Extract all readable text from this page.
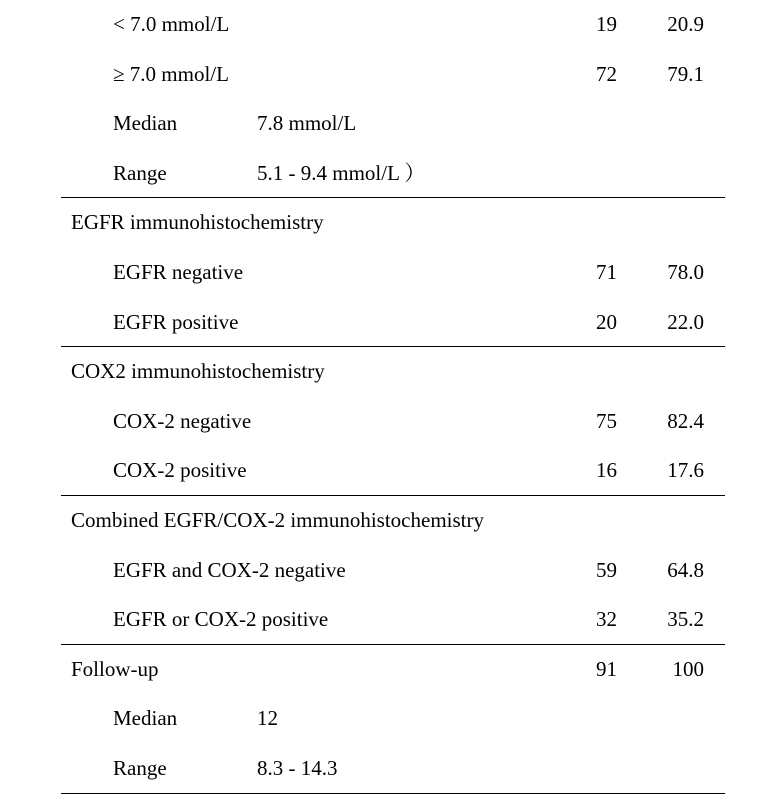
< 7.0 mmol/L	19 20.9
≥ 7.0 mmol/L	72 79.1
Median	7.8 mmol/L
Range	5.1 - 9.4 mmol/L ）
EGFR immunohistochemistry
EGFR negative	71 78.0
EGFR positive	20 22.0
COX2 immunohistochemistry
COX-2 negative	75 82.4
COX-2 positive	16 17.6
Combined EGFR/COX-2 immunohistochemistry
EGFR and COX-2 negative	59 64.8
EGFR or COX-2 positive	32 35.2
Follow-up	91	100
Median	12
Range	8.3 - 14.3
